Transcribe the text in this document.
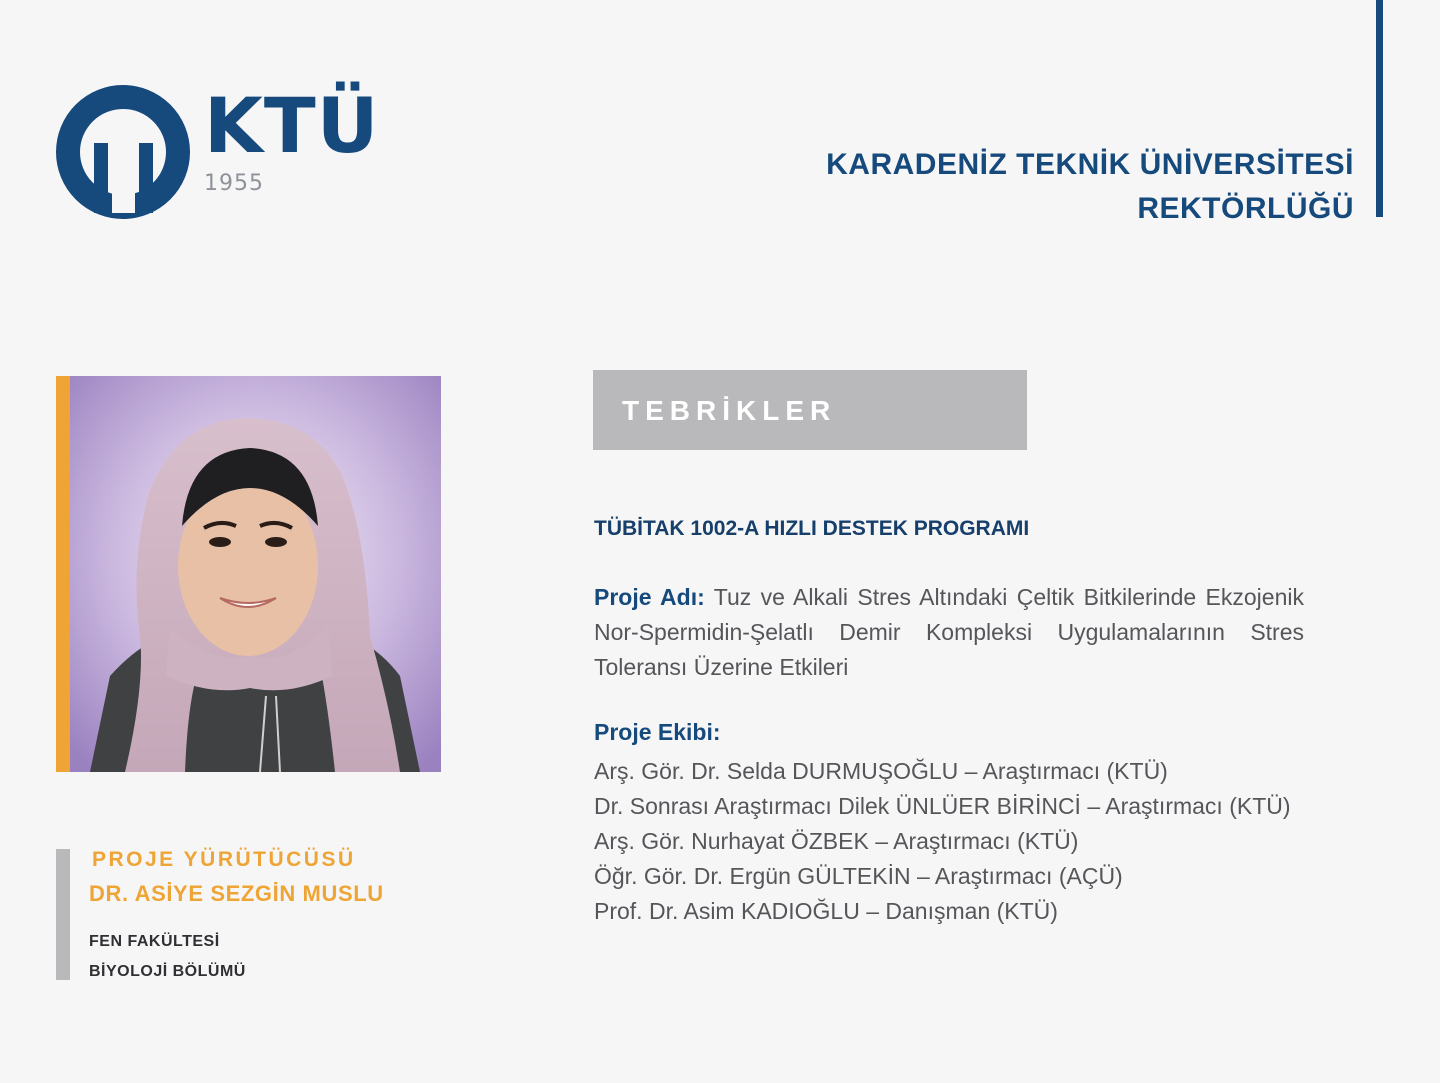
KTÜ
1955
KARADENİZ TEKNİK ÜNİVERSİTESİ
REKTÖRLÜĞÜ
PROJE YÜRÜTÜCÜSÜ
DR. ASİYE SEZGİN MUSLU
FEN FAKÜLTESİ
BİYOLOJİ BÖLÜMÜ
TEBRİKLER
TÜBİTAK 1002-A HIZLI DESTEK PROGRAMI
Proje Adı: Tuz ve Alkali Stres Altındaki Çeltik Bitkilerinde Ekzojenik Nor-Spermidin-Şelatlı Demir Kompleksi Uygulamalarının Stres Toleransı Üzerine Etkileri
Proje Ekibi:
Arş. Gör. Dr. Selda DURMUŞOĞLU – Araştırmacı (KTÜ)
Dr. Sonrası Araştırmacı Dilek ÜNLÜER BİRİNCİ – Araştırmacı (KTÜ)
Arş. Gör. Nurhayat ÖZBEK – Araştırmacı (KTÜ)
Öğr. Gör. Dr. Ergün GÜLTEKİN – Araştırmacı (AÇÜ)
Prof. Dr. Asim KADIOĞLU – Danışman (KTÜ)
